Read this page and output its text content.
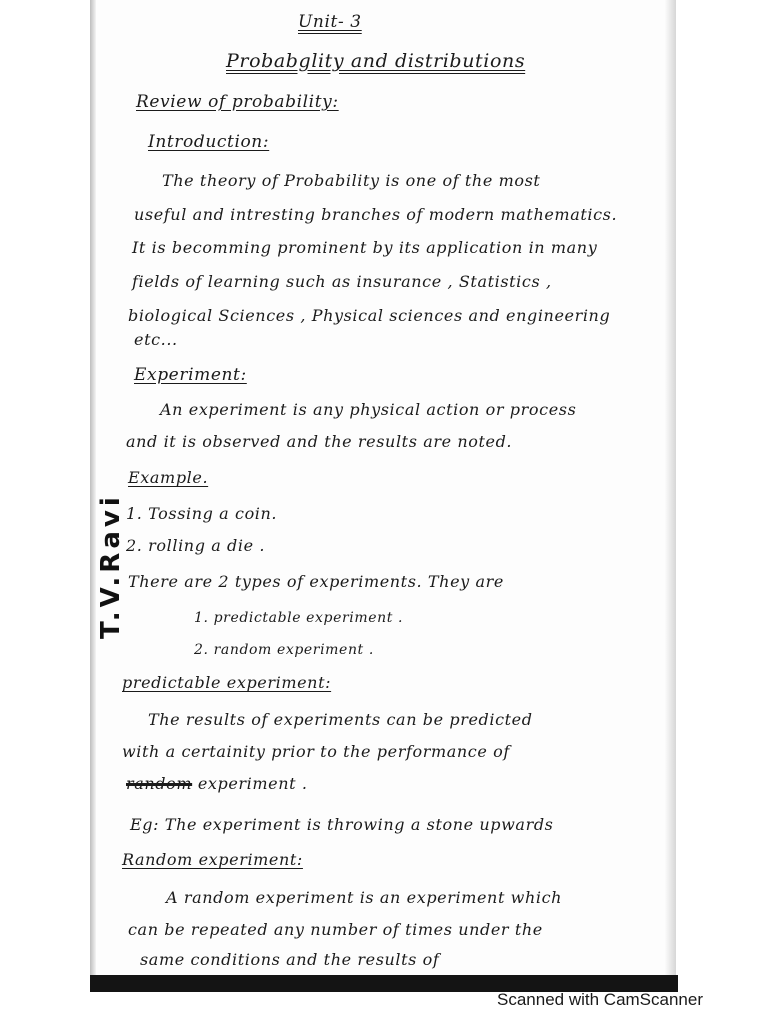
Unit- 3
Probabglity and distributions
Review of probability:
Introduction:
The theory of Probability is one of the most
useful and intresting branches of modern mathematics.
It is becomming prominent by its application in many
fields of learning such as insurance , Statistics ,
biological Sciences , Physical sciences and engineering
etc...
Experiment:
An experiment is any physical action or process
and it is observed and the results are noted.
T.V.Ravi
Example.
1. Tossing a coin.
2. rolling a die .
There are 2 types of experiments. They are
1. predictable experiment .
2. random experiment .
predictable experiment:
The results of experiments can be predicted
with a certainity prior to the performance of
random experiment .
Eg: The experiment is throwing a stone upwards
Random experiment:
A random experiment is an experiment which
can be repeated any number of times under the
same conditions and the results of
Scanned with CamScanner
